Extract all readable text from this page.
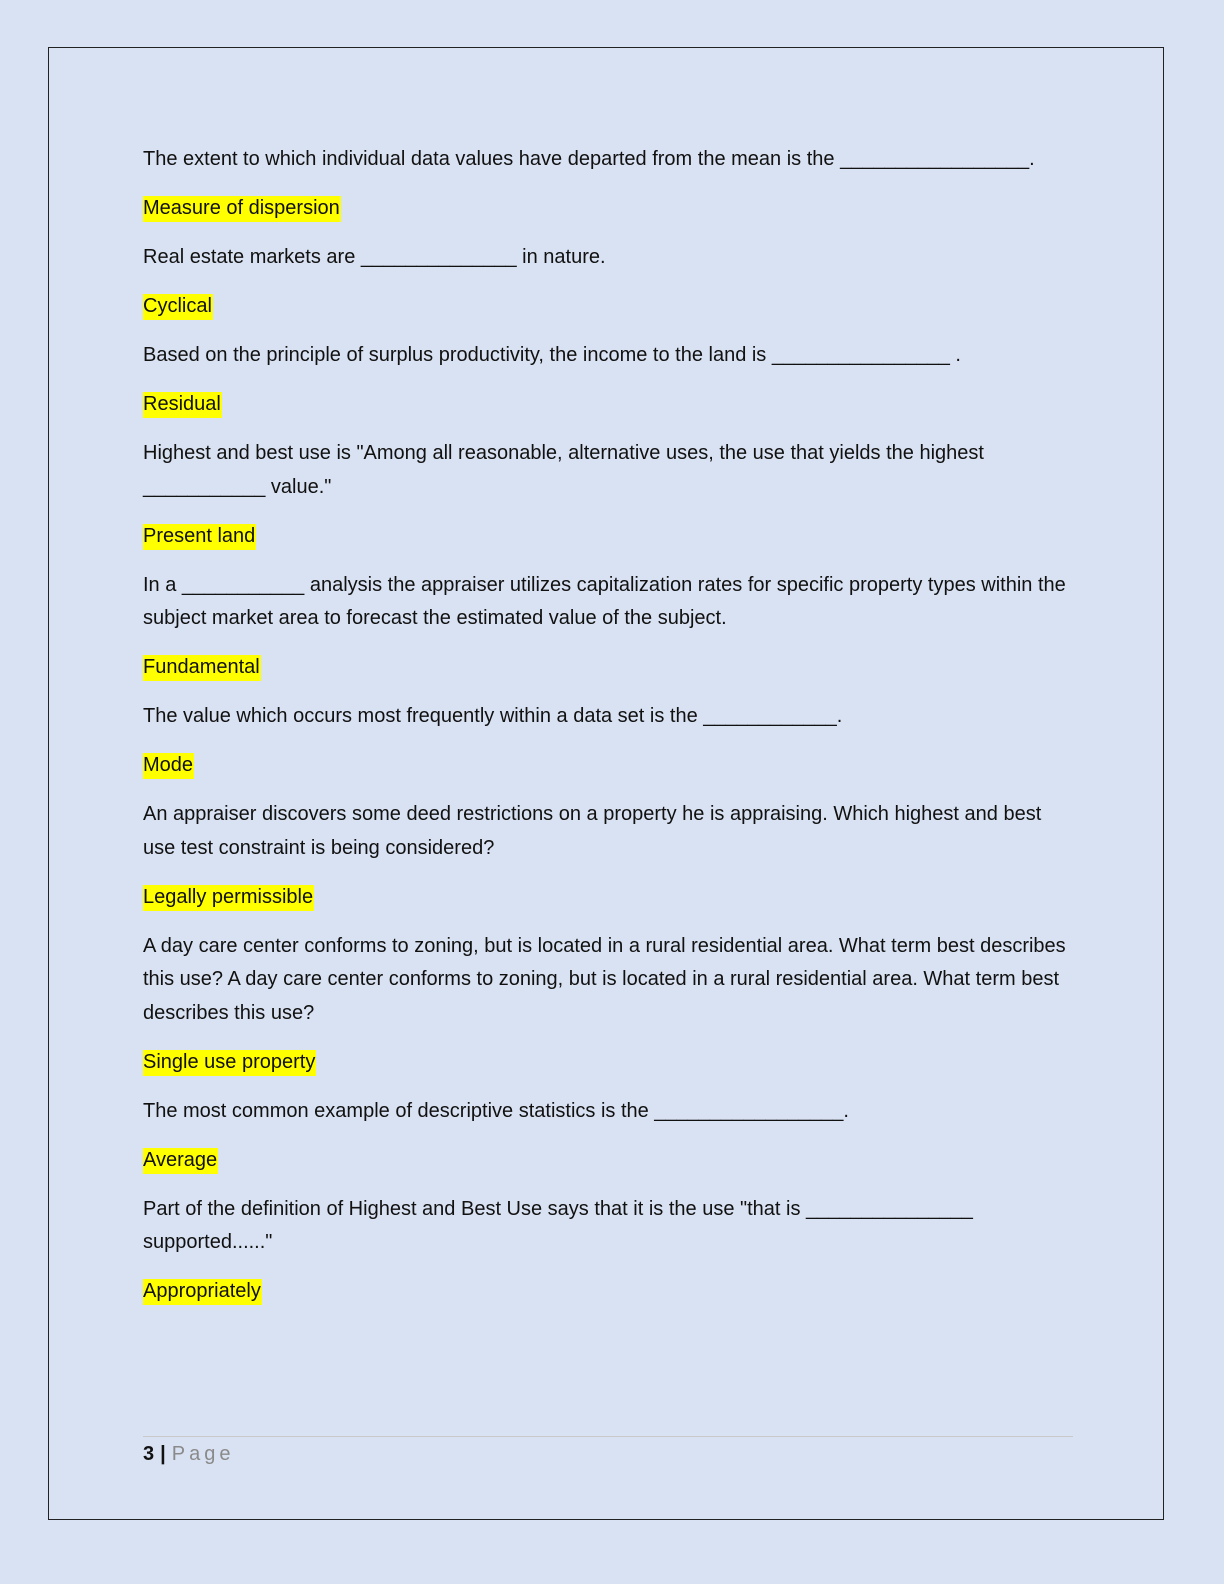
The extent to which individual data values have departed from the mean is the _________________.

Measure of dispersion

Real estate markets are ______________ in nature.

Cyclical

Based on the principle of surplus productivity, the income to the land is ________________ .

Residual

Highest and best use is "Among all reasonable, alternative uses, the use that yields the highest ___________ value."

Present land

In a ___________ analysis the appraiser utilizes capitalization rates for specific property types within the subject market area to forecast the estimated value of the subject.

Fundamental

The value which occurs most frequently within a data set is the ____________.

Mode

An appraiser discovers some deed restrictions on a property he is appraising. Which highest and best use test constraint is being considered?

Legally permissible

A day care center conforms to zoning, but is located in a rural residential area. What term best describes this use? A day care center conforms to zoning, but is located in a rural residential area. What term best describes this use?

Single use property

The most common example of descriptive statistics is the _________________.

Average

Part of the definition of Highest and Best Use says that it is the use "that is _______________ supported......"

Appropriately

3 | Page
